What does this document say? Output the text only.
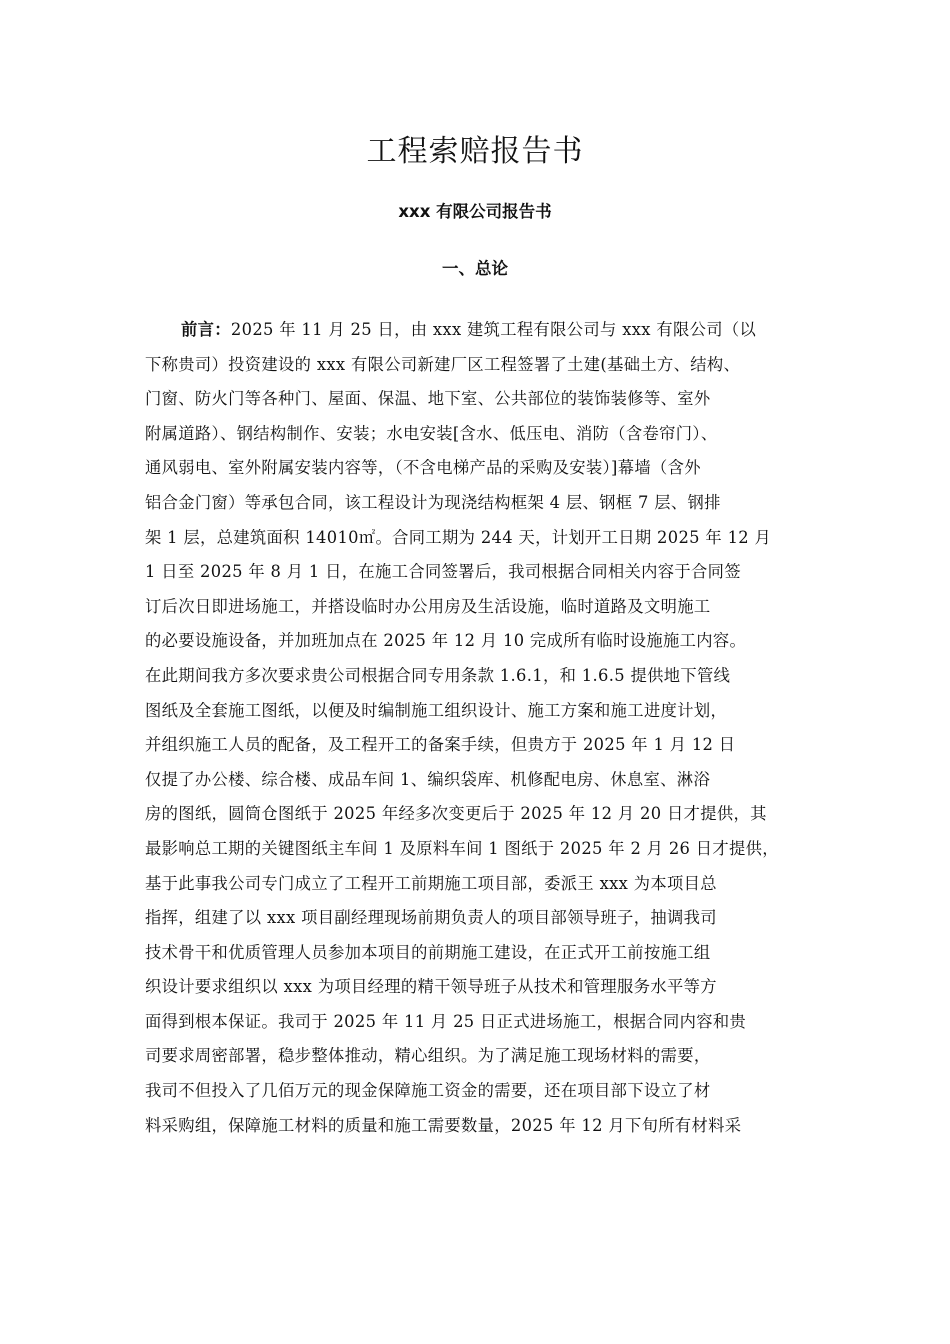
工程索赔报告书
xxx 有限公司报告书
一、总论
前言：2025 年 11 月 25 日，由 xxx 建筑工程有限公司与 xxx 有限公司（以
下称贵司）投资建设的 xxx 有限公司新建厂区工程签署了土建(基础土方、结构、
门窗、防火门等各种门、屋面、保温、地下室、公共部位的装饰装修等、室外
附属道路）、钢结构制作、安装；水电安装[含水、低压电、消防（含卷帘门）、
通风弱电、室外附属安装内容等，（不含电梯产品的采购及安装）]幕墙（含外
铝合金门窗）等承包合同，该工程设计为现浇结构框架 4 层、钢框 7 层、钢排
架 1 层，总建筑面积 14010㎡。合同工期为 244 天，计划开工日期 2025 年 12 月
1 日至 2025 年 8 月 1 日，在施工合同签署后，我司根据合同相关内容于合同签
订后次日即进场施工，并搭设临时办公用房及生活设施，临时道路及文明施工
的必要设施设备，并加班加点在 2025 年 12 月 10 完成所有临时设施施工内容。
在此期间我方多次要求贵公司根据合同专用条款 1.6.1，和 1.6.5 提供地下管线
图纸及全套施工图纸，以便及时编制施工组织设计、施工方案和施工进度计划，
并组织施工人员的配备，及工程开工的备案手续，但贵方于 2025 年 1 月 12 日
仅提了办公楼、综合楼、成品车间 1、编织袋库、机修配电房、休息室、淋浴
房的图纸，圆筒仓图纸于 2025 年经多次变更后于 2025 年 12 月 20 日才提供，其
最影响总工期的关键图纸主车间 1 及原料车间 1 图纸于 2025 年 2 月 26 日才提供，
基于此事我公司专门成立了工程开工前期施工项目部，委派王 xxx 为本项目总
指挥，组建了以 xxx 项目副经理现场前期负责人的项目部领导班子，抽调我司
技术骨干和优质管理人员参加本项目的前期施工建设，在正式开工前按施工组
织设计要求组织以 xxx 为项目经理的精干领导班子从技术和管理服务水平等方
面得到根本保证。我司于 2025 年 11 月 25 日正式进场施工，根据合同内容和贵
司要求周密部署，稳步整体推动，精心组织。为了满足施工现场材料的需要，
我司不但投入了几佰万元的现金保障施工资金的需要，还在项目部下设立了材
料采购组，保障施工材料的质量和施工需要数量，2025 年 12 月下旬所有材料采
